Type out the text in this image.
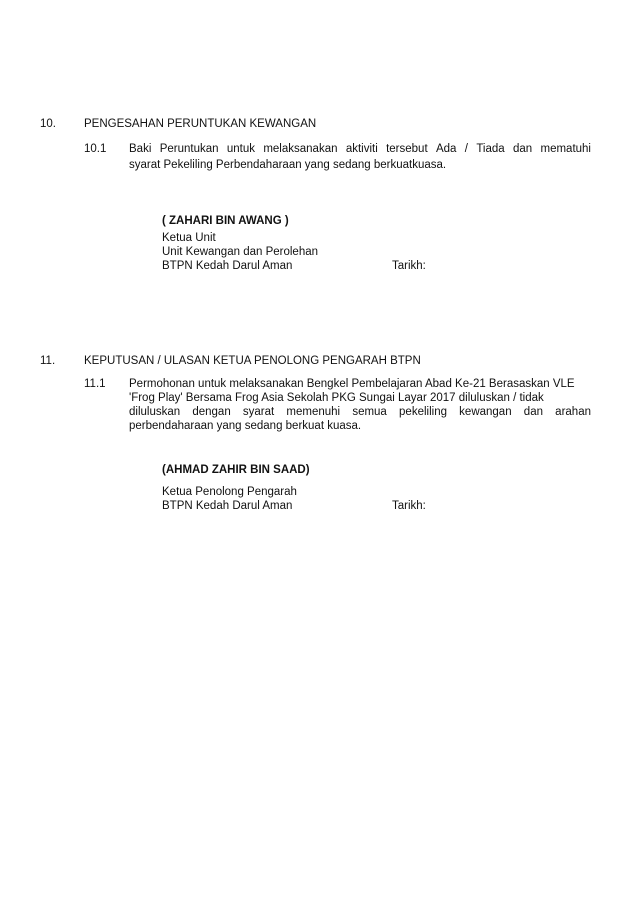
10. PENGESAHAN PERUNTUKAN KEWANGAN
10.1 Baki Peruntukan untuk melaksanakan aktiviti tersebut Ada / Tiada dan mematuhi
syarat Pekeliling Perbendaharaan yang sedang berkuatkuasa.
( ZAHARI BIN AWANG )
Ketua Unit
Unit Kewangan dan Perolehan
BTPN Kedah Darul Aman	Tarikh:
11.	KEPUTUSAN / ULASAN KETUA PENOLONG PENGARAH BTPN
11.1 Permohonan untuk melaksanakan Bengkel Pembelajaran Abad Ke-21 Berasaskan VLE
'Frog Play' Bersama Frog Asia Sekolah PKG Sungai Layar 2017 diluluskan / tidak
diluluskan dengan syarat memenuhi semua pekeliling kewangan dan arahan
perbendaharaan yang sedang berkuat kuasa.
(AHMAD ZAHIR BIN SAAD)
Ketua Penolong Pengarah
BTPN Kedah Darul Aman	Tarikh:
